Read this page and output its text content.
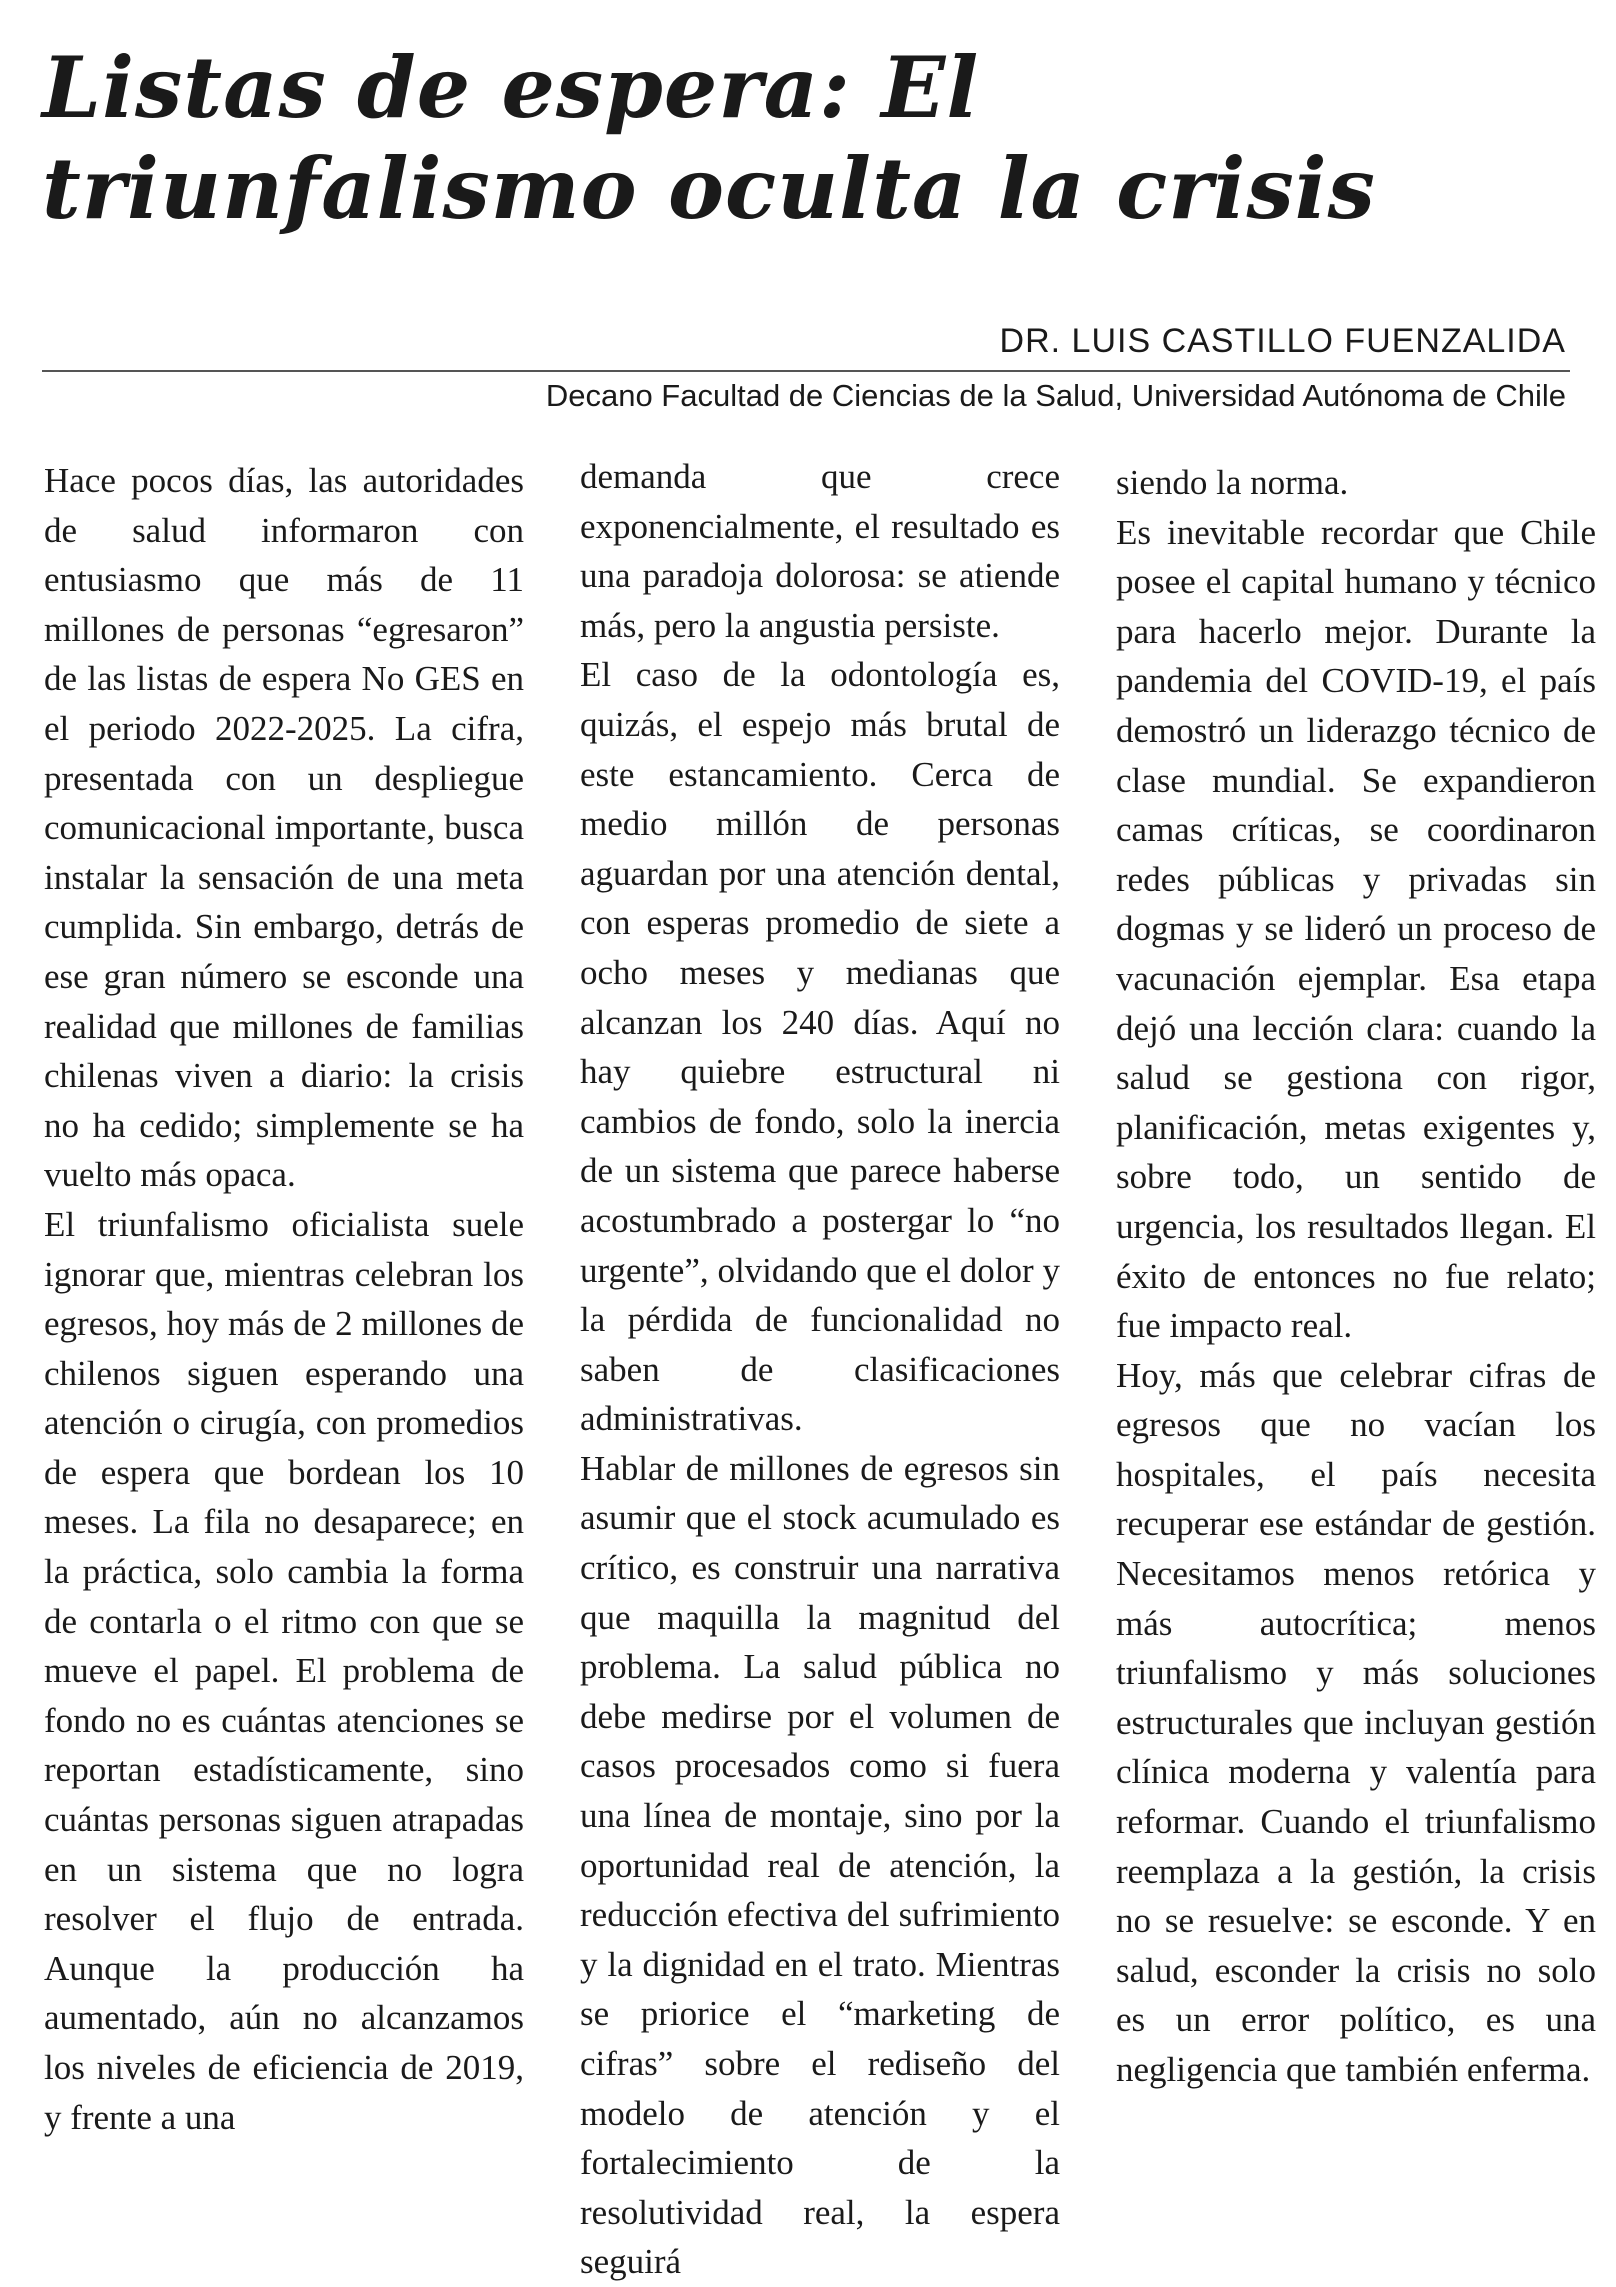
Listas de espera: El triunfalismo oculta la crisis
DR. LUIS CASTILLO FUENZALIDA
Decano Facultad de Ciencias de la Salud, Universidad Autónoma de Chile

Hace pocos días, las autoridades de salud informaron con entusiasmo que más de 11 millones de personas “egresaron” de las listas de espera No GES en el periodo 2022-2025. La cifra, presentada con un despliegue comunicacional importante, busca instalar la sensación de una meta cumplida. Sin embargo, detrás de ese gran número se esconde una realidad que millones de familias chilenas viven a diario: la crisis no ha cedido; simplemente se ha vuelto más opaca.

El triunfalismo oficialista suele ignorar que, mientras celebran los egresos, hoy más de 2 millones de chilenos siguen esperando una atención o cirugía, con promedios de espera que bordean los 10 meses. La fila no desaparece; en la práctica, solo cambia la forma de contarla o el ritmo con que se mueve el papel. El problema de fondo no es cuántas atenciones se reportan estadísticamente, sino cuántas personas siguen atrapadas en un sistema que no logra resolver el flujo de entrada. Aunque la producción ha aumentado, aún no alcanzamos los niveles de eficiencia de 2019, y frente a una

demanda que crece exponencialmente, el resultado es una paradoja dolorosa: se atiende más, pero la angustia persiste.

El caso de la odontología es, quizás, el espejo más brutal de este estancamiento. Cerca de medio millón de personas aguardan por una atención dental, con esperas promedio de siete a ocho meses y medianas que alcanzan los 240 días. Aquí no hay quiebre estructural ni cambios de fondo, solo la inercia de un sistema que parece haberse acostumbrado a postergar lo “no urgente”, olvidando que el dolor y la pérdida de funcionalidad no saben de clasificaciones administrativas.

Hablar de millones de egresos sin asumir que el stock acumulado es crítico, es construir una narrativa que maquilla la magnitud del problema. La salud pública no debe medirse por el volumen de casos procesados como si fuera una línea de montaje, sino por la oportunidad real de atención, la reducción efectiva del sufrimiento y la dignidad en el trato. Mientras se priorice el “marketing de cifras” sobre el rediseño del modelo de atención y el fortalecimiento de la resolutividad real, la espera seguirá

siendo la norma.

Es inevitable recordar que Chile posee el capital humano y técnico para hacerlo mejor. Durante la pandemia del COVID-19, el país demostró un liderazgo técnico de clase mundial. Se expandieron camas críticas, se coordinaron redes públicas y privadas sin dogmas y se lideró un proceso de vacunación ejemplar. Esa etapa dejó una lección clara: cuando la salud se gestiona con rigor, planificación, metas exigentes y, sobre todo, un sentido de urgencia, los resultados llegan. El éxito de entonces no fue relato; fue impacto real.

Hoy, más que celebrar cifras de egresos que no vacían los hospitales, el país necesita recuperar ese estándar de gestión. Necesitamos menos retórica y más autocrítica; menos triunfalismo y más soluciones estructurales que incluyan gestión clínica moderna y valentía para reformar. Cuando el triunfalismo reemplaza a la gestión, la crisis no se resuelve: se esconde. Y en salud, esconder la crisis no solo es un error político, es una negligencia que también enferma.
